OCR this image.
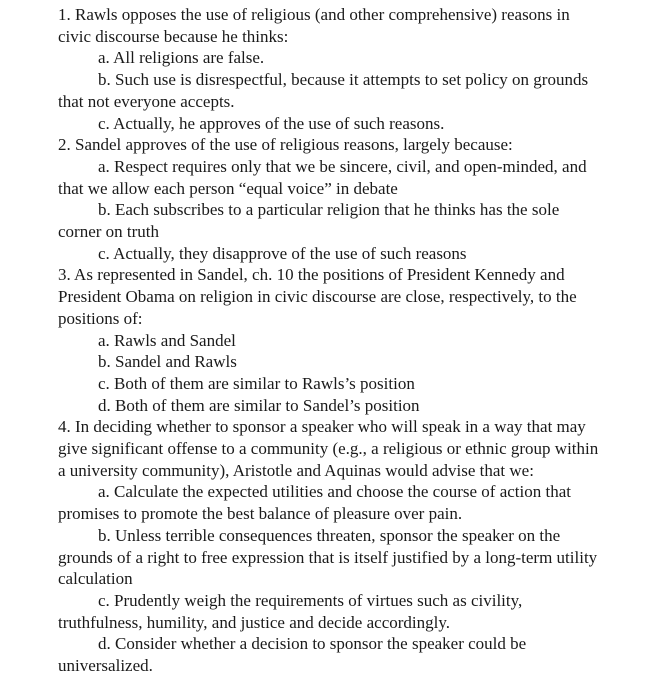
1. Rawls opposes the use of religious (and other comprehensive) reasons in civic discourse because he thinks:

a. All religions are false.

b. Such use is disrespectful, because it attempts to set policy on grounds that not everyone accepts.

c. Actually, he approves of the use of such reasons.

2. Sandel approves of the use of religious reasons, largely because:

a. Respect requires only that we be sincere, civil, and open-minded, and that we allow each person “equal voice” in debate

b. Each subscribes to a particular religion that he thinks has the sole corner on truth

c. Actually, they disapprove of the use of such reasons

3. As represented in Sandel, ch. 10 the positions of President Kennedy and President Obama on religion in civic discourse are close, respectively, to the positions of:

a. Rawls and Sandel

b. Sandel and Rawls

c. Both of them are similar to Rawls’s position

d. Both of them are similar to Sandel’s position

4. In deciding whether to sponsor a speaker who will speak in a way that may give significant offense to a community (e.g., a religious or ethnic group within a university community), Aristotle and Aquinas would advise that we:

a. Calculate the expected utilities and choose the course of action that promises to promote the best balance of pleasure over pain.

b. Unless terrible consequences threaten, sponsor the speaker on the grounds of a right to free expression that is itself justified by a long-term utility calculation

c. Prudently weigh the requirements of virtues such as civility, truthfulness, humility, and justice and decide accordingly.

d. Consider whether a decision to sponsor the speaker could be universalized.
